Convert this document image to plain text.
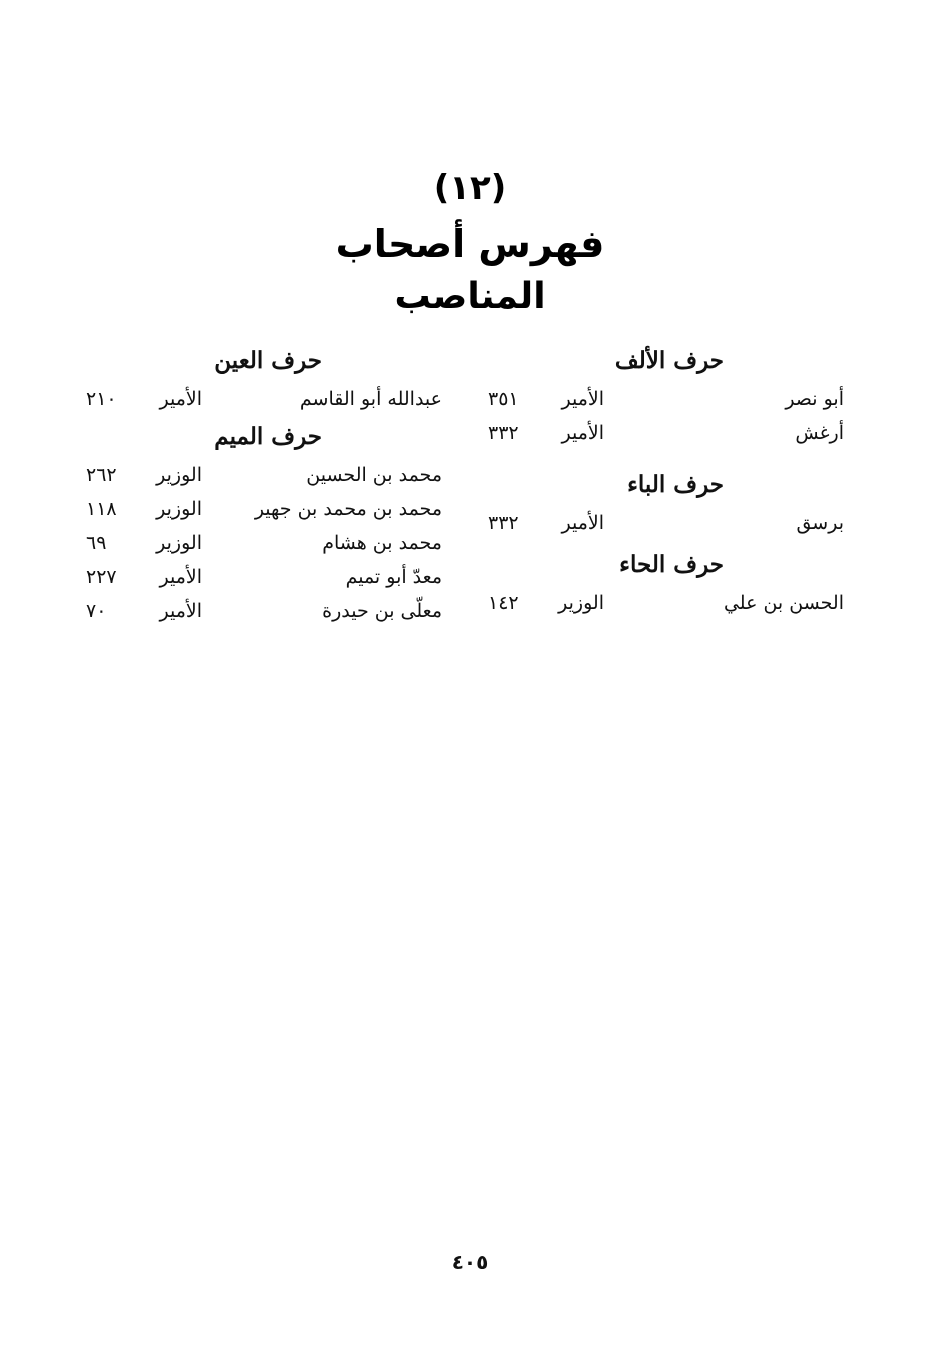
(١٢)
فهرس أصحاب
المناصب
حرف الألف
أبو نصر
الأمير
٣٥١
أرغش
الأمير
٣٣٢
حرف الباء
برسق
الأمير
٣٣٢
حرف الحاء
الحسن بن علي
الوزير
١٤٢
حرف العين
عبدالله أبو القاسم
الأمير
٢١٠
حرف الميم
محمد بن الحسين
الوزير
٢٦٢
محمد بن محمد بن جهير
الوزير
١١٨
محمد بن هشام
الوزير
٦٩
معدّ أبو تميم
الأمير
٢٢٧
معلّى بن حيدرة
الأمير
٧٠
٤٠٥
